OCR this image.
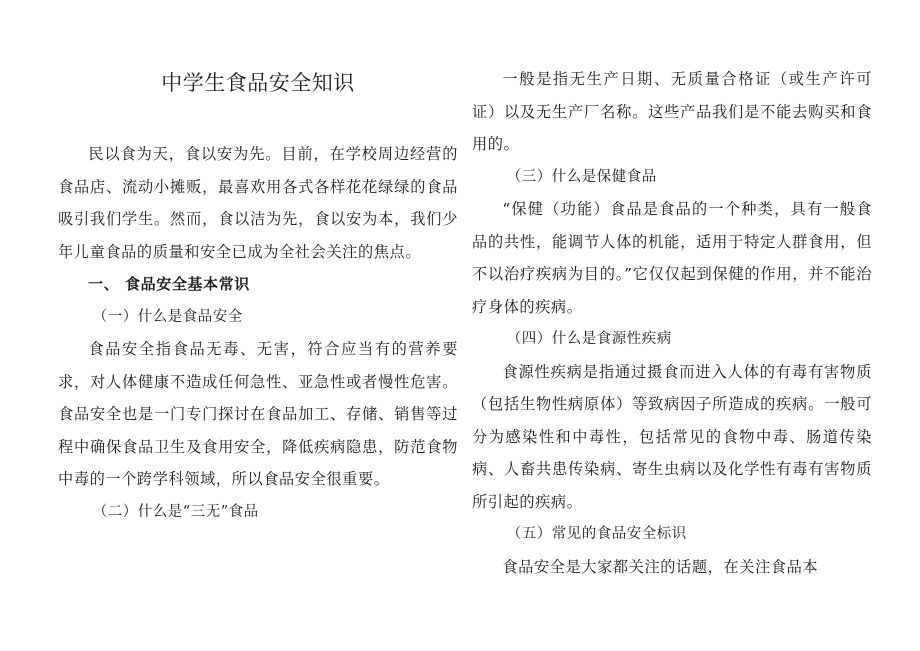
中学生食品安全知识

民以食为天，食以安为先。目前，在学校周边经营的食品店、流动小摊贩，最喜欢用各式各样花花绿绿的食品吸引我们学生。然而，食以洁为先，食以安为本，我们少年儿童食品的质量和安全已成为全社会关注的焦点。

一、 食品安全基本常识

（一）什么是食品安全

食品安全指食品无毒、无害，符合应当有的营养要求，对人体健康不造成任何急性、亚急性或者慢性危害。食品安全也是一门专门探讨在食品加工、存储、销售等过程中确保食品卫生及食用安全，降低疾病隐患，防范食物中毒的一个跨学科领域，所以食品安全很重要。

（二）什么是“三无”食品

一般是指无生产日期、无质量合格证（或生产许可证）以及无生产厂名称。这些产品我们是不能去购买和食用的。

（三）什么是保健食品

“保健（功能）食品是食品的一个种类，具有一般食品的共性，能调节人体的机能，适用于特定人群食用，但不以治疗疾病为目的。”它仅仅起到保健的作用，并不能治疗身体的疾病。

（四）什么是食源性疾病

食源性疾病是指通过摄食而进入人体的有毒有害物质（包括生物性病原体）等致病因子所造成的疾病。一般可分为感染性和中毒性，包括常见的食物中毒、肠道传染病、人畜共患传染病、寄生虫病以及化学性有毒有害物质所引起的疾病。

（五）常见的食品安全标识

食品安全是大家都关注的话题，在关注食品本
